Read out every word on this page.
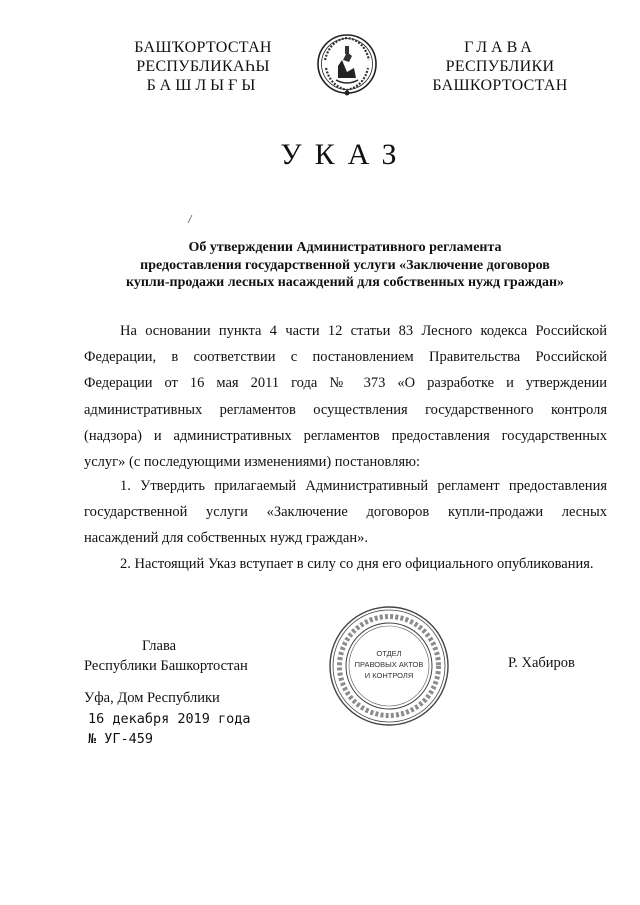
БАШҠОРТОСТАН
РЕСПУБЛИКАҺЫ
БАШЛЫҒЫ
ГЛАВА
РЕСПУБЛИКИ
БАШКОРТОСТАН
УКАЗ
Об утверждении Административного регламента
предоставления государственной услуги «Заключение договоров
купли-продажи лесных насаждений для собственных нужд граждан»
На основании пункта 4 части 12 статьи 83 Лесного кодекса Российской Федерации, в соответствии с постановлением Правительства Российской Федерации от 16 мая 2011 года № 373 «О разработке и утверждении административных регламентов осуществления государственного контроля (надзора) и административных регламентов предоставления государственных услуг» (с последующими изменениями) постановляю:
1. Утвердить прилагаемый Административный регламент предоставления государственной услуги «Заключение договоров купли-продажи лесных насаждений для собственных нужд граждан».
2. Настоящий Указ вступает в силу со дня его официального опубликования.
Глава
Республики Башкортостан
ОТДЕЛ
ПРАВОВЫХ АКТОВ
И КОНТРОЛЯ
Р. Хабиров
Уфа, Дом Республики
16 декабря 2019 года
№ УГ-459
